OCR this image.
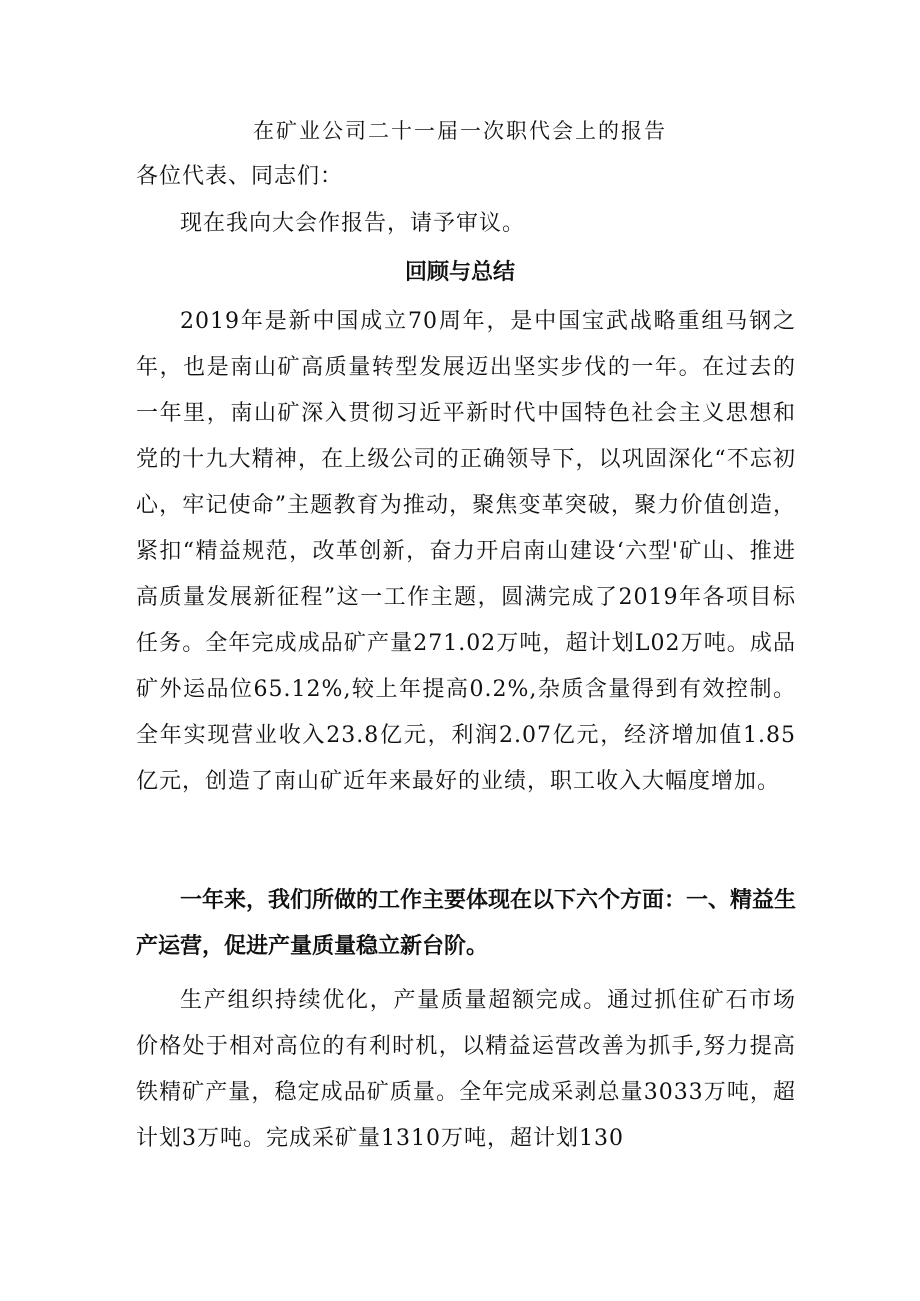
在矿业公司二十一届一次职代会上的报告

各位代表、同志们：

现在我向大会作报告，请予审议。

回顾与总结

2019年是新中国成立70周年，是中国宝武战略重组马钢之年，也是南山矿高质量转型发展迈出坚实步伐的一年。在过去的一年里，南山矿深入贯彻习近平新时代中国特色社会主义思想和党的十九大精神，在上级公司的正确领导下，以巩固深化“不忘初心，牢记使命”主题教育为推动，聚焦变革突破，聚力价值创造，紧扣“精益规范，改革创新，奋力开启南山建设‘六型'矿山、推进高质量发展新征程”这一工作主题，圆满完成了2019年各项目标任务。全年完成成品矿产量271.02万吨，超计划L02万吨。成品矿外运品位65.12%,较上年提高0.2%,杂质含量得到有效控制。全年实现营业收入23.8亿元，利润2.07亿元，经济增加值1.85亿元，创造了南山矿近年来最好的业绩，职工收入大幅度增加。

一年来，我们所做的工作主要体现在以下六个方面：一、精益生产运营，促进产量质量稳立新台阶。

生产组织持续优化，产量质量超额完成。通过抓住矿石市场价格处于相对高位的有利时机，以精益运营改善为抓手,努力提高铁精矿产量，稳定成品矿质量。全年完成采剥总量3033万吨，超计划3万吨。完成采矿量1310万吨，超计划130
